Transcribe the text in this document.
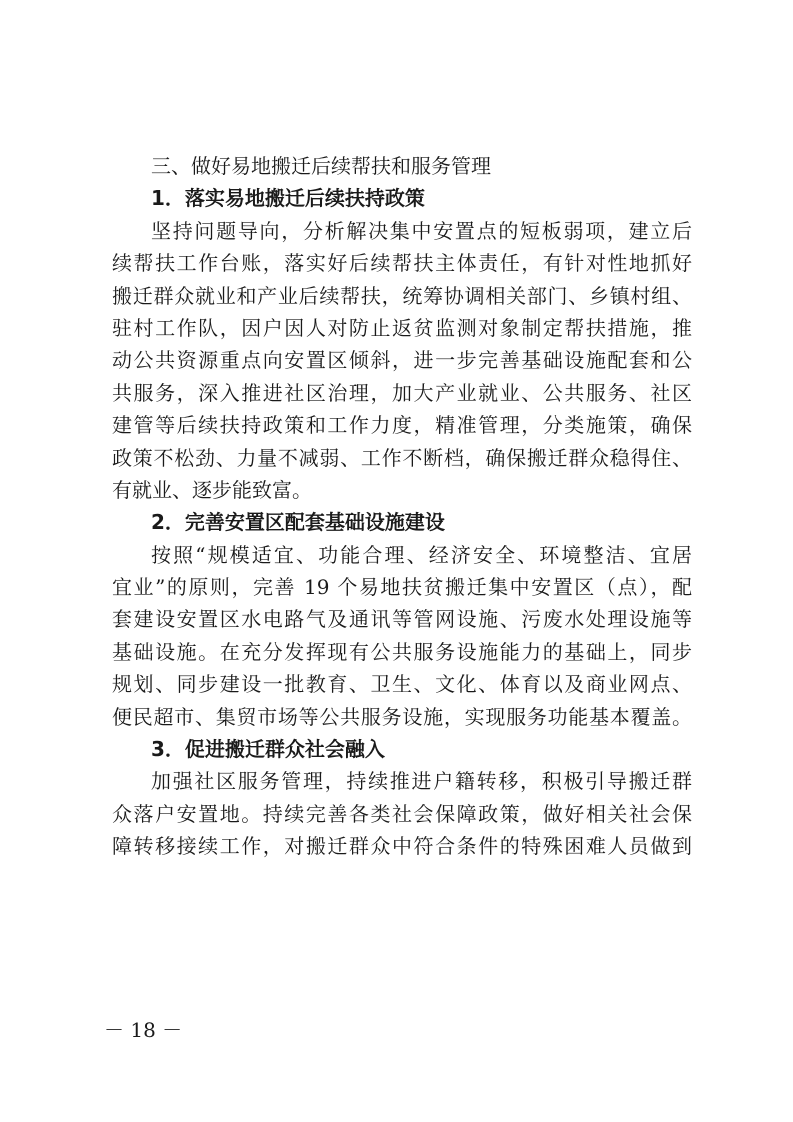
三、做好易地搬迁后续帮扶和服务管理
1．落实易地搬迁后续扶持政策
坚持问题导向，分析解决集中安置点的短板弱项，建立后
续帮扶工作台账，落实好后续帮扶主体责任，有针对性地抓好
搬迁群众就业和产业后续帮扶，统筹协调相关部门、乡镇村组、
驻村工作队，因户因人对防止返贫监测对象制定帮扶措施，推
动公共资源重点向安置区倾斜，进一步完善基础设施配套和公
共服务，深入推进社区治理，加大产业就业、公共服务、社区
建管等后续扶持政策和工作力度，精准管理，分类施策，确保
政策不松劲、力量不减弱、工作不断档，确保搬迁群众稳得住、
有就业、逐步能致富。
2．完善安置区配套基础设施建设
按照“规模适宜、功能合理、经济安全、环境整洁、宜居
宜业”的原则，完善 19 个易地扶贫搬迁集中安置区（点），配
套建设安置区水电路气及通讯等管网设施、污废水处理设施等
基础设施。在充分发挥现有公共服务设施能力的基础上，同步
规划、同步建设一批教育、卫生、文化、体育以及商业网点、
便民超市、集贸市场等公共服务设施，实现服务功能基本覆盖。
3．促进搬迁群众社会融入
加强社区服务管理，持续推进户籍转移，积极引导搬迁群
众落户安置地。持续完善各类社会保障政策，做好相关社会保
障转移接续工作，对搬迁群众中符合条件的特殊困难人员做到
－ 18 －
